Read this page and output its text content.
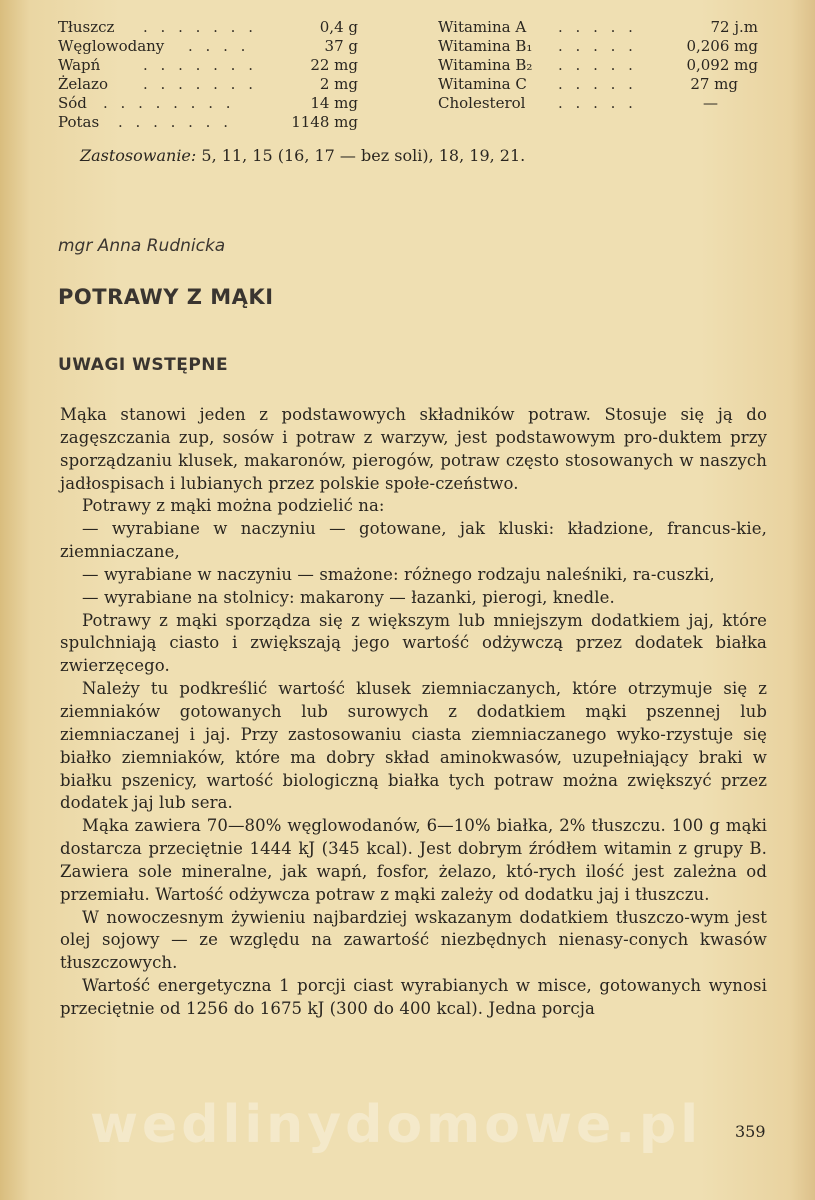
Tłuszcz . . . . . . .	0,4 g
Węglowodany . . . .	37 g
Wapń	. . . . . . .	22 mg
Żelazo . . . . . . .	2 mg
Sód . . . . . . . .	14 mg
Potas . . . . . . .	1148 mg
Witamina A . . . . .	72 j.m
Witamina B₁ . . . . .	0,206 mg
Witamina B₂ . . . . .	0,092 mg
Witamina C . . . . .	27 mg
Cholesterol . . . . .	—
Zastosowanie: 5, 11, 15 (16, 17 — bez soli), 18, 19, 21.
mgr Anna Rudnicka
POTRAWY Z MĄKI
UWAGI WSTĘPNE

Mąka stanowi jeden z podstawowych składników potraw. Stosuje się ją do zagęszczania zup, sosów i potraw z warzyw, jest podstawowym pro-duktem przy sporządzaniu klusek, makaronów, pierogów, potraw często stosowanych w naszych jadłospisach i lubianych przez polskie społe-czeństwo.

Potrawy z mąki można podzielić na:

— wyrabiane w naczyniu — gotowane, jak kluski: kładzione, francus-kie, ziemniaczane,

— wyrabiane w naczyniu — smażone: różnego rodzaju naleśniki, ra-cuszki,

— wyrabiane na stolnicy: makarony — łazanki, pierogi, knedle.

Potrawy z mąki sporządza się z większym lub mniejszym dodatkiem jaj, które spulchniają ciasto i zwiększają jego wartość odżywczą przez dodatek białka zwierzęcego.

Należy tu podkreślić wartość klusek ziemniaczanych, które otrzymuje się z ziemniaków gotowanych lub surowych z dodatkiem mąki pszennej lub ziemniaczanej i jaj. Przy zastosowaniu ciasta ziemniaczanego wyko-rzystuje się białko ziemniaków, które ma dobry skład aminokwasów, uzupełniający braki w białku pszenicy, wartość biologiczną białka tych potraw można zwiększyć przez dodatek jaj lub sera.

Mąka zawiera 70—80% węglowodanów, 6—10% białka, 2% tłuszczu. 100 g mąki dostarcza przeciętnie 1444 kJ (345 kcal). Jest dobrym źródłem witamin z grupy B. Zawiera sole mineralne, jak wapń, fosfor, żelazo, któ-rych ilość jest zależna od przemiału. Wartość odżywcza potraw z mąki zależy od dodatku jaj i tłuszczu.

W nowoczesnym żywieniu najbardziej wskazanym dodatkiem tłuszczo-wym jest olej sojowy — ze względu na zawartość niezbędnych nienasy-conych kwasów tłuszczowych.

Wartość energetyczna 1 porcji ciast wyrabianych w misce, gotowanych wynosi przeciętnie od 1256 do 1675 kJ (300 do 400 kcal). Jedna porcja

wedlinydomowe.pl 359
